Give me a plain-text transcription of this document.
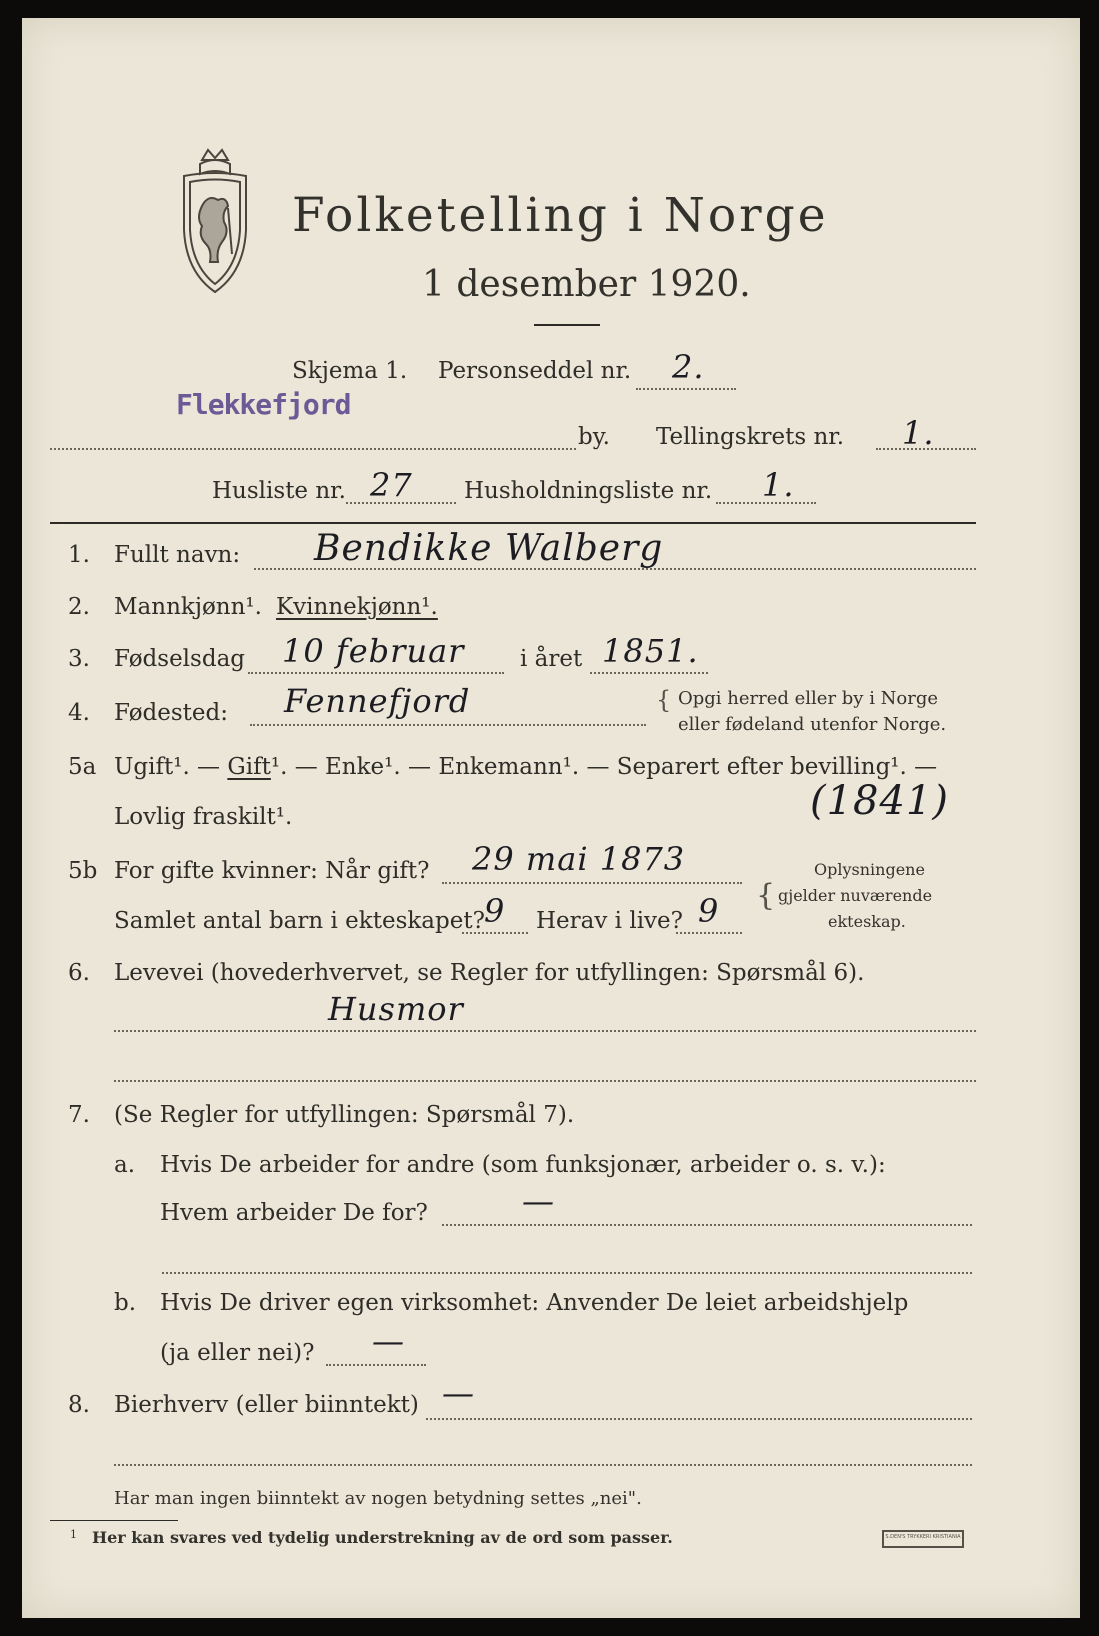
Folketelling i Norge
1 desember 1920.
Skjema 1. Personseddel nr. 2.
Flekkefjord
by. Tellingskrets nr. 1.
Husliste nr. 27 Husholdningsliste nr. 1.
1. Fullt navn: Bendikke Walberg
2. Mannkjønn¹. Kvinnekjønn¹.
3. Fødselsdag 10 februar i året 1851.
4. Fødested: Fennefjord	{ Opgi herred eller by i Norge
eller fødeland utenfor Norge.
5a Ugift¹. — Gift¹. — Enke¹. — Enkemann¹. — Separert efter bevilling¹. —
Lovlig fraskilt¹.	(1841)
5b For gifte kvinner: Når gift? 29 mai 1873
Samlet antal barn i ekteskapet? 9 Herav i live? 9 {
Oplysningene
gjelder nuværende
ekteskap.
6. Levevei (hovederhvervet, se Regler for utfyllingen: Spørsmål 6).
Husmor
7. (Se Regler for utfyllingen: Spørsmål 7).
a. Hvis De arbeider for andre (som funksjonær, arbeider o. s. v.):
Hvem arbeider De for?	—
b. Hvis De driver egen virksomhet: Anvender De leiet arbeidshjelp
(ja eller nei)? —
8. Bierhverv (eller biinntekt) —
Har man ingen biinntekt av nogen betydning settes „nei".
1 Her kan svares ved tydelig understrekning av de ord som passer.	S.DEN'S TRYKKERI KRISTIANIA
